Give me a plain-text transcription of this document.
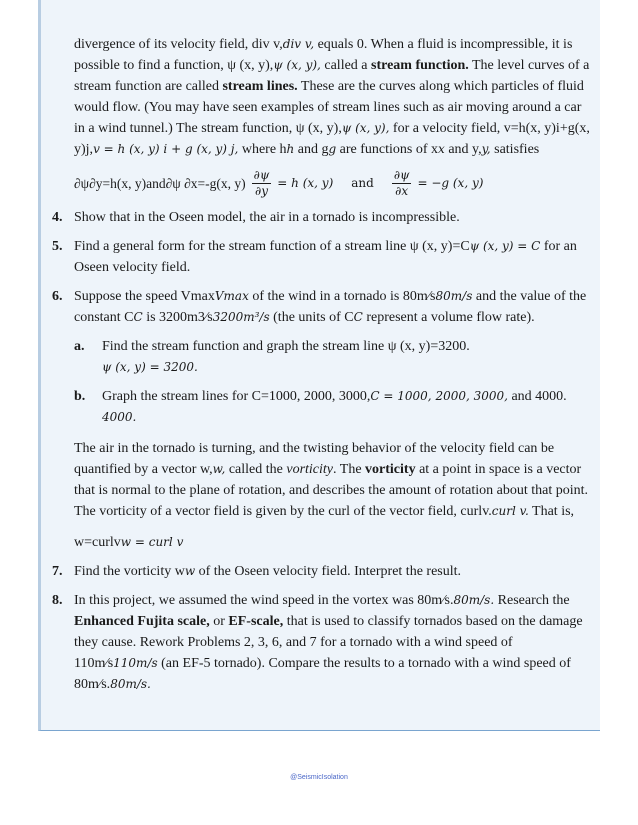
divergence of its velocity field, div v,div v, equals 0. When a fluid is incompressible, it is possible to find a function, ψ (x, y),ψ (x, y), called a stream function. The level curves of a stream function are called stream lines. These are the curves along which particles of fluid would flow. (You may have seen examples of stream lines such as air moving around a car in a wind tunnel.) The stream function, ψ (x, y),ψ (x, y), for a velocity field, v=h(x, y)i+g(x, y)j,v = h (x, y) i + g (x, y) j, where hh and gg are functions of xx and y,y, satisfies
∂ψ∂y=h(x, y)and∂ψ ∂x=-g(x, $y) \frac{\partial\psi}{\partial y} = h$ (x, y) and $\frac{\partial\psi}{\partial x} = -g$ (x, y)
4. Show that in the Oseen model, the air in a tornado is incompressible.
5. Find a general form for the stream function of a stream line ψ (x, y)=Cψ (x, y) = C for an Oseen velocity field.
6. Suppose the speed VmaxVmax of the wind in a tornado is 80m⁄s80m/s and the value of the constant CC is 3200m3⁄s3200m³/s (the units of CC represent a volume flow rate).
a.	Find the stream function and graph the stream line ψ (x, y)=3200.
ψ (x, y) = 3200.
b.	Graph the stream lines for C=1000, 2000, 3000,C = 1000, 2000, 3000, and 4000. 4000.
The air in the tornado is turning, and the twisting behavior of the velocity field can be quantified by a vector w,w, called the vorticity. The vorticity at a point in space is a vector that is normal to the plane of rotation, and describes the amount of rotation about that point. The vorticity of a vector field is given by the curl of the vector field, curlv.curl v. That is,
w=curlvw = curl v
7. Find the vorticity ww of the Oseen velocity field. Interpret the result.
8. In this project, we assumed the wind speed in the vortex was 80m⁄s.80m/s. Research the Enhanced Fujita scale, or EF-scale, that is used to classify tornados based on the damage they cause. Rework Problems 2, 3, 6, and 7 for a tornado with a wind speed of 110m⁄s110m/s (an EF-5 tornado). Compare the results to a tornado with a wind speed of 80m⁄s.80m/s.
@SeismicIsolation
